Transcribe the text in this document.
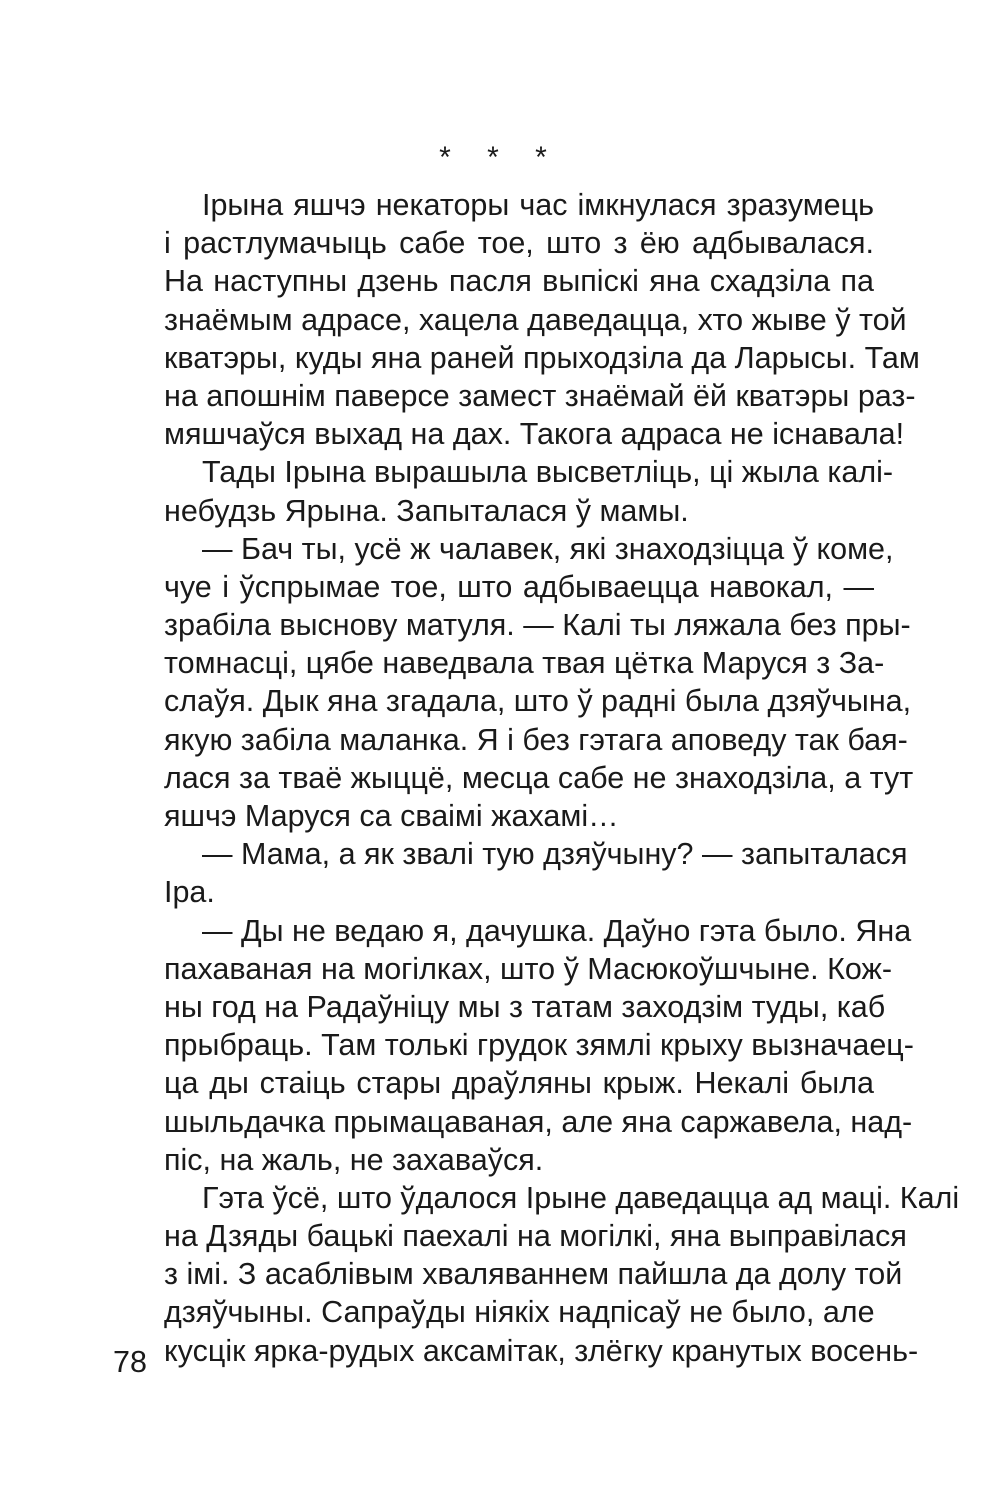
* * *
Ірына яшчэ некаторы час імкнулася зразумець
і растлумачыць сабе тое, што з ёю адбывалася.
На наступны дзень пасля выпіскі яна схадзіла па
знаёмым адрасе, хацела даведацца, хто жыве ў той
кватэры, куды яна раней прыходзіла да Ларысы. Там
на апошнім паверсе замест знаёмай ёй кватэры раз-
мяшчаўся выхад на дах. Такога адраса не існавала!
Тады Ірына вырашыла высветліць, ці жыла калі-
небудзь Ярына. Запыталася ў мамы.
— Бач ты, усё ж чалавек, які знаходзіцца ў коме,
чуе і ўспрымае тое, што адбываецца навокал, —
зрабіла выснову матуля. — Калі ты ляжала без пры-
томнасці, цябе наведвала твая цётка Маруся з За-
слаўя. Дык яна згадала, што ў радні была дзяўчына,
якую забіла маланка. Я і без гэтага аповеду так бая-
лася за тваё жыццё, месца сабе не знаходзіла, а тут
яшчэ Маруся са сваімі жахамі…
— Мама, а як звалі тую дзяўчыну? — запыталася
Іра.
— Ды не ведаю я, дачушка. Даўно гэта было. Яна
пахаваная на могілках, што ў Масюкоўшчыне. Кож-
ны год на Радаўніцу мы з татам заходзім туды, каб
прыбраць. Там толькі грудок зямлі крыху вызначаец-
ца ды стаіць стары драўляны крыж. Некалі была
шыльдачка прымацаваная, але яна саржавела, над-
піс, на жаль, не захаваўся.
Гэта ўсё, што ўдалося Ірыне даведацца ад маці. Калі
на Дзяды бацькі паехалі на могілкі, яна выправілася
з імі. З асаблівым хваляваннем пайшла да долу той
дзяўчыны. Сапраўды ніякіх надпісаў не было, але
кусцік ярка-рудых аксамітак, злёгку кранутых восень-
78
